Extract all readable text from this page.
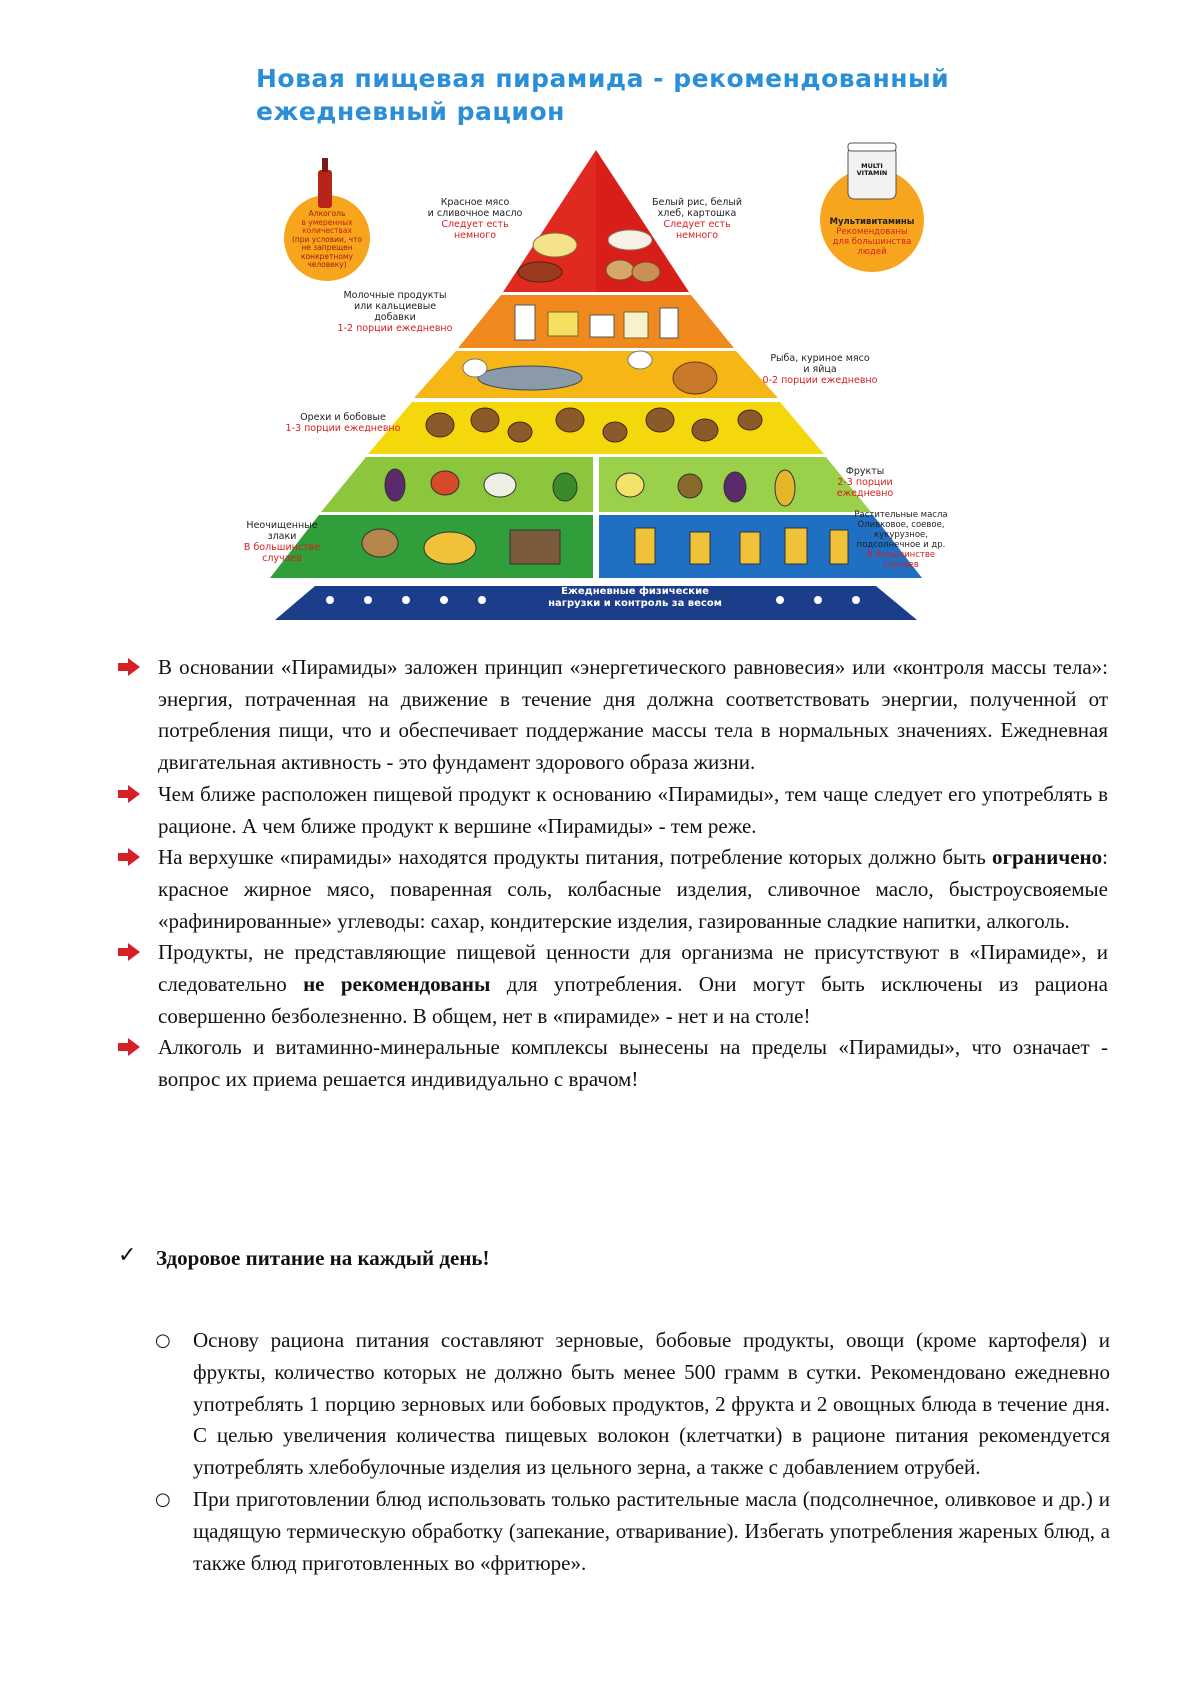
Новая пищевая пирамида - рекомендованный
ежедневный рацион
Красное мясо
и сливочное масло
Следует есть
немного
Белый рис, белый
хлеб, картошка
Следует есть
немного
Молочные продукты
или кальциевые
добавки
1-2 порции ежедневно
Рыба, куриное мясо
и яйца
0-2 порции ежедневно
Орехи и бобовые
1-3 порции ежедневно
Фрукты
2-3 порции
ежедневно
Неочищенные
злаки
В большинстве
случаев
Растительные масла
Оливковое, соевое,
кукурузное,
подсолнечное и др.
В большинстве
случаев
Ежедневные физические
нагрузки и контроль за весом
Алкоголь
в умеренных
количествах
(при условии, что
не запрещен
конкретному
человеку)
MULTI
VITAMIN
Мультивитамины
Рекомендованы
для большинства
людей
В основании «Пирамиды» заложен принцип «энергетического равновесия» или «контроля массы тела»: энергия, потраченная на движение в течение дня должна соответствовать энергии, полученной от потребления пищи, что и обеспечивает поддержание массы тела в нормальных значениях. Ежедневная двигательная активность - это фундамент здорового образа жизни.
Чем ближе расположен пищевой продукт к основанию «Пирамиды», тем чаще следует его употреблять в рационе. А чем ближе продукт к вершине «Пирамиды» - тем реже.
На верхушке «пирамиды» находятся продукты питания, потребление которых должно быть ограничено: красное жирное мясо, поваренная соль, колбасные изделия, сливочное масло, быстроусвояемые «рафинированные» углеводы: сахар, кондитерские изделия, газированные сладкие напитки, алкоголь.
Продукты, не представляющие пищевой ценности для организма не присутствуют в «Пирамиде», и следовательно не рекомендованы для употребления. Они могут быть исключены из рациона совершенно безболезненно. В общем, нет в «пирамиде» - нет и на столе!
Алкоголь и витаминно-минеральные комплексы вынесены на пределы «Пирамиды», что означает - вопрос их приема решается индивидуально с врачом!
✓ Здоровое питание на каждый день!
○ Основу рациона питания составляют зерновые, бобовые продукты, овощи (кроме картофеля) и фрукты, количество которых не должно быть менее 500 грамм в сутки. Рекомендовано ежедневно употреблять 1 порцию зерновых или бобовых продуктов, 2 фрукта и 2 овощных блюда в течение дня. С целью увеличения количества пищевых волокон (клетчатки) в рационе питания рекомендуется употреблять хлебобулочные изделия из цельного зерна, а также с добавлением отрубей.
○ При приготовлении блюд использовать только растительные масла (подсолнечное, оливковое и др.) и щадящую термическую обработку (запекание, отваривание). Избегать употребления жареных блюд, а также блюд приготовленных во «фритюре».
